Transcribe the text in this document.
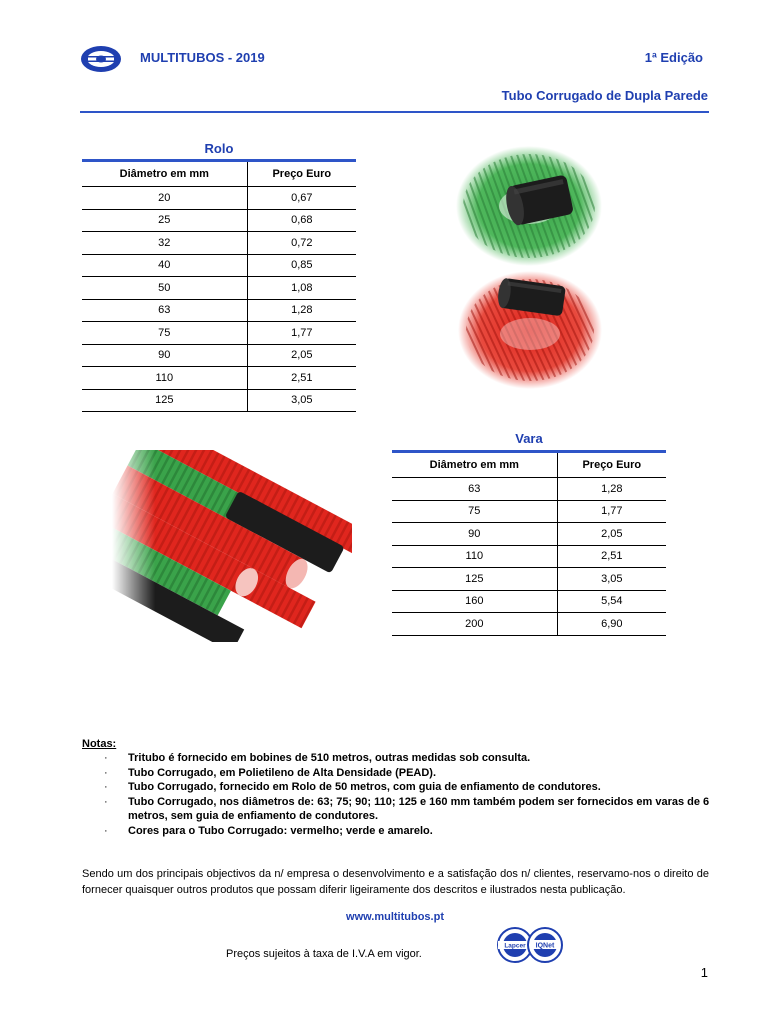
MULTITUBOS - 2019	1ª Edição
Tubo Corrugado de Dupla Parede
Rolo
Diâmetro em mm	Preço Euro
20	0,67
25	0,68
32	0,72
40	0,85
50	1,08
63	1,28
75	1,77
90	2,05
110	2,51
125	3,05
Vara
Diâmetro em mm	Preço Euro
63	1,28
75	1,77
90	2,05
110	2,51
125	3,05
160	5,54
200	6,90
Notas:
· Tritubo é fornecido em bobines de 510 metros, outras medidas sob consulta.
· Tubo Corrugado, em Polietileno de Alta Densidade (PEAD).
· Tubo Corrugado, fornecido em Rolo de 50 metros, com guia de enfiamento de condutores.
· Tubo Corrugado, nos diâmetros de: 63; 75; 90; 110; 125 e 160 mm também podem ser fornecidos em varas de 6 metros, sem guia de enfiamento de condutores.
· Cores para o Tubo Corrugado: vermelho; verde e amarelo.
Sendo um dos principais objectivos da n/ empresa o desenvolvimento e a satisfação dos n/ clientes, reservamo-nos o direito de fornecer quaisquer outros produtos que possam diferir ligeiramente dos descritos e ilustrados nesta publicação.
www.multitubos.pt
Preços sujeitos à taxa de I.V.A em vigor.
Lapcer IQNet
1
